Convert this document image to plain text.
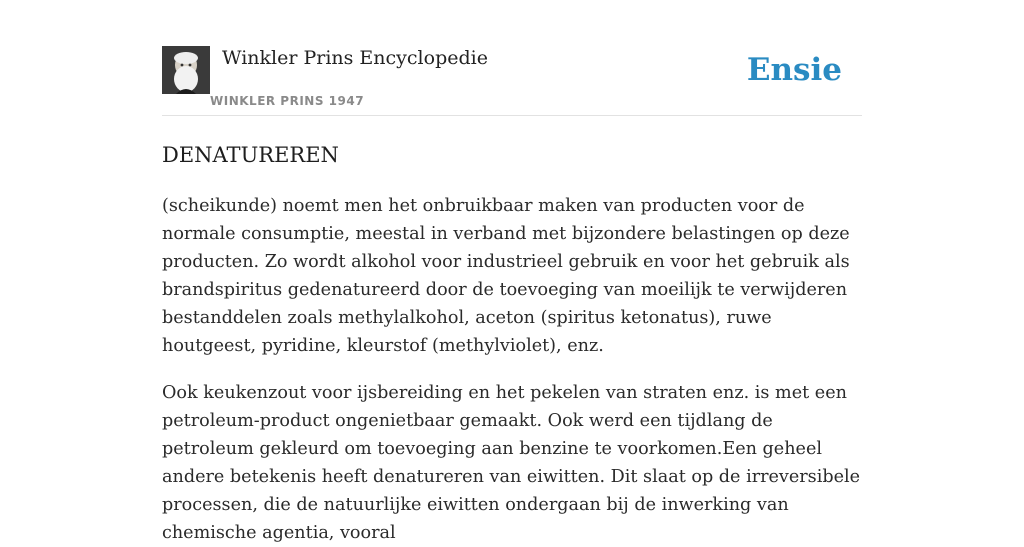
Winkler Prins Encyclopedie
WINKLER PRINS 1947
Ensie
DENATUREREN

(scheikunde) noemt men het onbruikbaar maken van producten voor de normale consumptie, meestal in verband met bijzondere belastingen op deze producten. Zo wordt alkohol voor industrieel gebruik en voor het gebruik als brandspiritus gedenatureerd door de toevoeging van moeilijk te verwijderen bestanddelen zoals methylalkohol, aceton (spiritus ketonatus), ruwe houtgeest, pyridine, kleurstof (methylviolet), enz.

Ook keukenzout voor ijsbereiding en het pekelen van straten enz. is met een petroleum-product ongenietbaar gemaakt. Ook werd een tijdlang de petroleum gekleurd om toevoeging aan benzine te voorkomen.Een geheel andere betekenis heeft denatureren van eiwitten. Dit slaat op de irreversibele processen, die de natuurlijke eiwitten ondergaan bij de inwerking van chemische agentia, vooral
